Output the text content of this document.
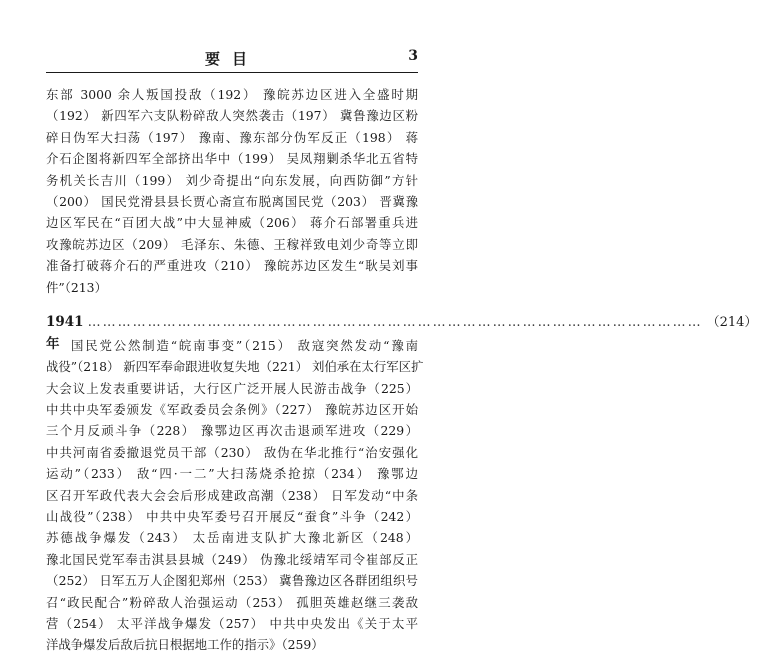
要目	3
东部 3000 余人叛国投敌（192） 豫皖苏边区进入全盛时期
（192） 新四军六支队粉碎敌人突然袭击（197） 冀鲁豫边区粉
碎日伪军大扫荡（197） 豫南、豫东部分伪军反正（198） 蒋
介石企图将新四军全部挤出华中（199） 吴凤翔剿杀华北五省特
务机关长吉川（199） 刘少奇提出“向东发展，向西防御”方针
（200） 国民党滑县县长贾心斋宣布脱离国民党（203） 晋冀豫
边区军民在“百团大战”中大显神威（206） 蒋介石部署重兵进
攻豫皖苏边区（209） 毛泽东、朱德、王稼祥致电刘少奇等立即
准备打破蒋介石的严重进攻（210） 豫皖苏边区发生“耿吴刘事
件”（213）
1941 年
…………………………………………………………………………………………………………… （214）
国民党公然制造“皖南事变”（215） 敌寇突然发动“豫南
战役”（218） 新四军奉命跟进收复失地（221） 刘伯承在太行军区扩
大会议上发表重要讲话，大行区广泛开展人民游击战争（225）
中共中央军委颁发《军政委员会条例》（227） 豫皖苏边区开始
三个月反顽斗争（228） 豫鄂边区再次击退顽军进攻（229）
中共河南省委撤退党员干部（230） 敌伪在华北推行“治安强化
运动”（233） 敌“四·一二”大扫荡烧杀抢掠（234） 豫鄂边
区召开军政代表大会会后形成建政高潮（238） 日军发动“中条
山战役”（238） 中共中央军委号召开展反“蚕食”斗争（242）
苏德战争爆发（243） 太岳南进支队扩大豫北新区（248）
豫北国民党军奉击淇县县城（249） 伪豫北绥靖军司令崔部反正
（252） 日军五万人企图犯郑州（253） 冀鲁豫边区各群团组织号
召“政民配合”粉碎敌人治强运动（253） 孤胆英雄赵继三袭敌
营（254） 太平洋战争爆发（257） 中共中央发出《关于太平
洋战争爆发后敌后抗日根据地工作的指示》（259）
